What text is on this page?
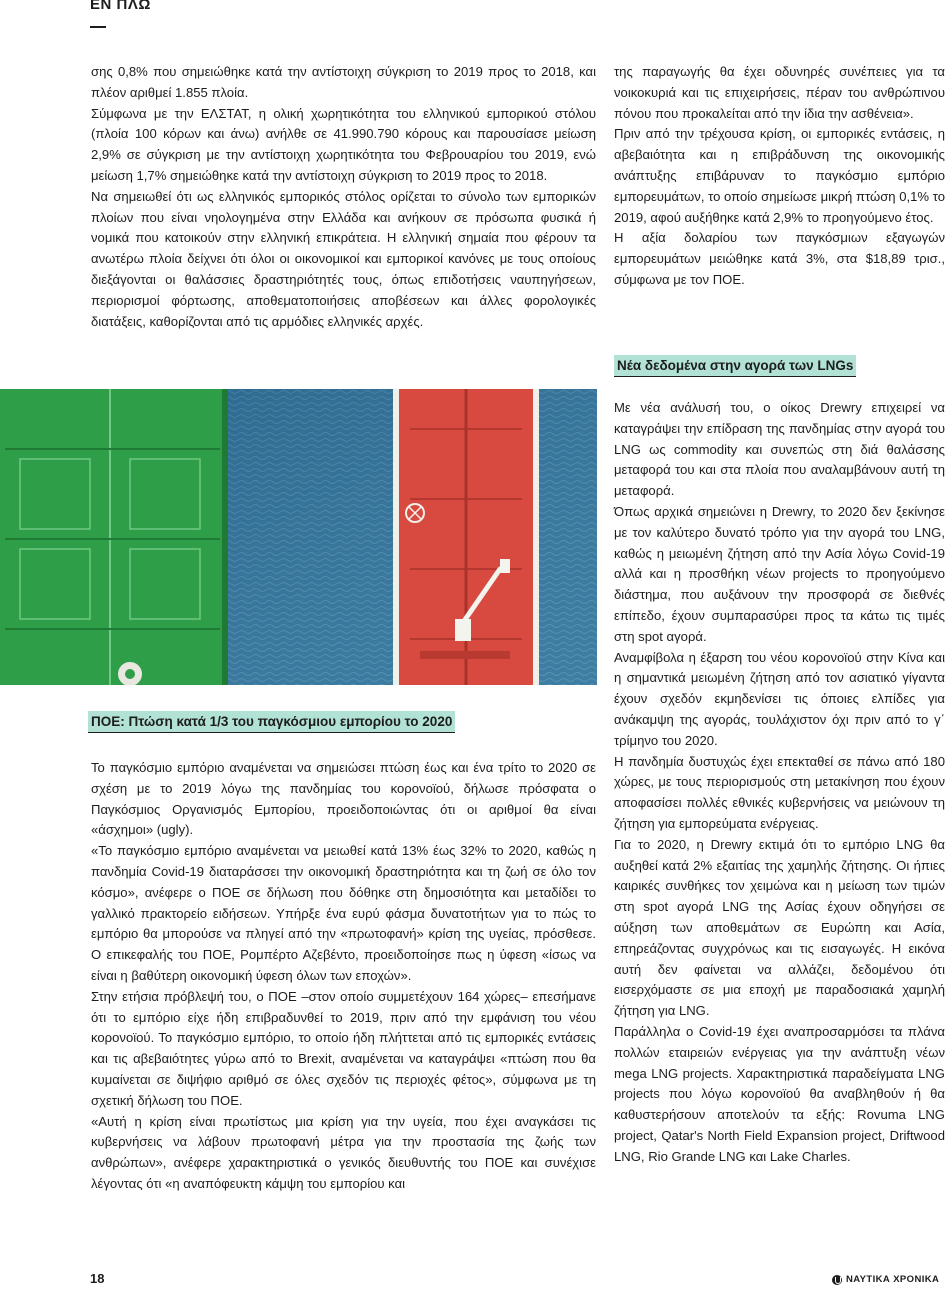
ΕΝ ΠΛΩ

σης 0,8% που σημειώθηκε κατά την αντίστοιχη σύγκριση το 2019 προς το 2018, και πλέον αριθμεί 1.855 πλοία.

Σύμφωνα με την ΕΛΣΤΑΤ, η ολική χωρητικότητα του ελληνικού εμπορικού στόλου (πλοία 100 κόρων και άνω) ανήλθε σε 41.990.790 κόρους και παρουσίασε μείωση 2,9% σε σύγκριση με την αντίστοιχη χωρητικότητα του Φεβρουαρίου του 2019, ενώ μείωση 1,7% σημειώθηκε κατά την αντίστοιχη σύγκριση το 2019 προς το 2018.

Να σημειωθεί ότι ως ελληνικός εμπορικός στόλος ορίζεται το σύνολο των εμπορικών πλοίων που είναι νηολογημένα στην Ελλάδα και ανήκουν σε πρόσωπα φυσικά ή νομικά που κατοικούν στην ελληνική επικράτεια. Η ελληνική σημαία που φέρουν τα ανωτέρω πλοία δείχνει ότι όλοι οι οικονομικοί και εμπορικοί κανόνες με τους οποίους διεξάγονται οι θαλάσσιες δραστηριότητές τους, όπως επιδοτήσεις ναυπηγήσεων, περιορισμοί φόρτωσης, αποθεματοποιήσεις αποβέσεων και άλλες φορολογικές διατάξεις, καθορίζονται από τις αρμόδιες ελληνικές αρχές.

ΠΟΕ: Πτώση κατά 1/3 του παγκόσμιου εμπορίου το 2020

Το παγκόσμιο εμπόριο αναμένεται να σημειώσει πτώση έως και ένα τρίτο το 2020 σε σχέση με το 2019 λόγω της πανδημίας του κορονοϊού, δήλωσε πρόσφατα ο Παγκόσμιος Οργανισμός Εμπορίου, προειδοποιώντας ότι οι αριθμοί θα είναι «άσχημοι» (ugly).

«Το παγκόσμιο εμπόριο αναμένεται να μειωθεί κατά 13% έως 32% το 2020, καθώς η πανδημία Covid-19 διαταράσσει την οικονομική δραστηριότητα και τη ζωή σε όλο τον κόσμο», ανέφερε ο ΠΟΕ σε δήλωση που δόθηκε στη δημοσιότητα και μεταδίδει το γαλλικό πρακτορείο ειδήσεων. Υπήρξε ένα ευρύ φάσμα δυνατοτήτων για το πώς το εμπόριο θα μπορούσε να πληγεί από την «πρωτοφανή» κρίση της υγείας, πρόσθεσε. Ο επικεφαλής του ΠΟΕ, Ρομπέρτο Αζεβέντο, προειδοποίησε πως η ύφεση «ίσως να είναι η βαθύτερη οικονομική ύφεση όλων των εποχών».

Στην ετήσια πρόβλεψή του, ο ΠΟΕ –στον οποίο συμμετέχουν 164 χώρες– επεσήμανε ότι το εμπόριο είχε ήδη επιβραδυνθεί το 2019, πριν από την εμφάνιση του νέου κορονοϊού. Το παγκόσμιο εμπόριο, το οποίο ήδη πλήττεται από τις εμπορικές εντάσεις και τις αβεβαιότητες γύρω από το Brexit, αναμένεται να καταγράψει «πτώση που θα κυμαίνεται σε διψήφιο αριθμό σε όλες σχεδόν τις περιοχές φέτος», σύμφωνα με τη σχετική δήλωση του ΠΟΕ.

«Αυτή η κρίση είναι πρωτίστως μια κρίση για την υγεία, που έχει αναγκάσει τις κυβερνήσεις να λάβουν πρωτοφανή μέτρα για την προστασία της ζωής των ανθρώπων», ανέφερε χαρακτηριστικά ο γενικός διευθυντής του ΠΟΕ και συνέχισε λέγοντας ότι «η αναπόφευκτη κάμψη του εμπορίου και

της παραγωγής θα έχει οδυνηρές συνέπειες για τα νοικοκυριά και τις επιχειρήσεις, πέραν του ανθρώπινου πόνου που προκαλείται από την ίδια την ασθένεια».

Πριν από την τρέχουσα κρίση, οι εμπορικές εντάσεις, η αβεβαιότητα και η επιβράδυνση της οικονομικής ανάπτυξης επιβάρυναν το παγκόσμιο εμπόριο εμπορευμάτων, το οποίο σημείωσε μικρή πτώση 0,1% το 2019, αφού αυξήθηκε κατά 2,9% το προηγούμενο έτος.

Η αξία δολαρίου των παγκόσμιων εξαγωγών εμπορευμάτων μειώθηκε κατά 3%, στα $18,89 τρισ., σύμφωνα με τον ΠΟΕ.

Νέα δεδομένα στην αγορά των LNGs

Με νέα ανάλυσή του, ο οίκος Drewry επιχειρεί να καταγράψει την επίδραση της πανδημίας στην αγορά του LNG ως commodity και συνεπώς στη διά θαλάσσης μεταφορά του και στα πλοία που αναλαμβάνουν αυτή τη μεταφορά.

Όπως αρχικά σημειώνει η Drewry, το 2020 δεν ξεκίνησε με τον καλύτερο δυνατό τρόπο για την αγορά του LNG, καθώς η μειωμένη ζήτηση από την Ασία λόγω Covid-19 αλλά και η προσθήκη νέων projects το προηγούμενο διάστημα, που αυξάνουν την προσφορά σε διεθνές επίπεδο, έχουν συμπαρασύρει προς τα κάτω τις τιμές στη spot αγορά.

Αναμφίβολα η έξαρση του νέου κορονοϊού στην Κίνα και η σημαντικά μειωμένη ζήτηση από τον ασιατικό γίγαντα έχουν σχεδόν εκμηδενίσει τις όποιες ελπίδες για ανάκαμψη της αγοράς, τουλάχιστον όχι πριν από το γ΄ τρίμηνο του 2020.

Η πανδημία δυστυχώς έχει επεκταθεί σε πάνω από 180 χώρες, με τους περιορισμούς στη μετακίνηση που έχουν αποφασίσει πολλές εθνικές κυβερνήσεις να μειώνουν τη ζήτηση για εμπορεύματα ενέργειας.

Για το 2020, η Drewry εκτιμά ότι το εμπόριο LNG θα αυξηθεί κατά 2% εξαιτίας της χαμηλής ζήτησης. Οι ήπιες καιρικές συνθήκες τον χειμώνα και η μείωση των τιμών στη spot αγορά LNG της Ασίας έχουν οδηγήσει σε αύξηση των αποθεμάτων σε Ευρώπη και Ασία, επηρεάζοντας συγχρόνως και τις εισαγωγές. Η εικόνα αυτή δεν φαίνεται να αλλάζει, δεδομένου ότι εισερχόμαστε σε μια εποχή με παραδοσιακά χαμηλή ζήτηση για LNG.

Παράλληλα ο Covid-19 έχει αναπροσαρμόσει τα πλάνα πολλών εταιρειών ενέργειας για την ανάπτυξη νέων mega LNG projects. Χαρακτηριστικά παραδείγματα LNG projects που λόγω κορονοϊού θα αναβληθούν ή θα καθυστερήσουν αποτελούν τα εξής: Rovuma LNG project, Qatar's North Field Expansion project, Driftwood LNG, Rio Grande LNG και Lake Charles.

18	ΝΑΥΤΙΚΑ ΧΡΟΝΙΚΑ
